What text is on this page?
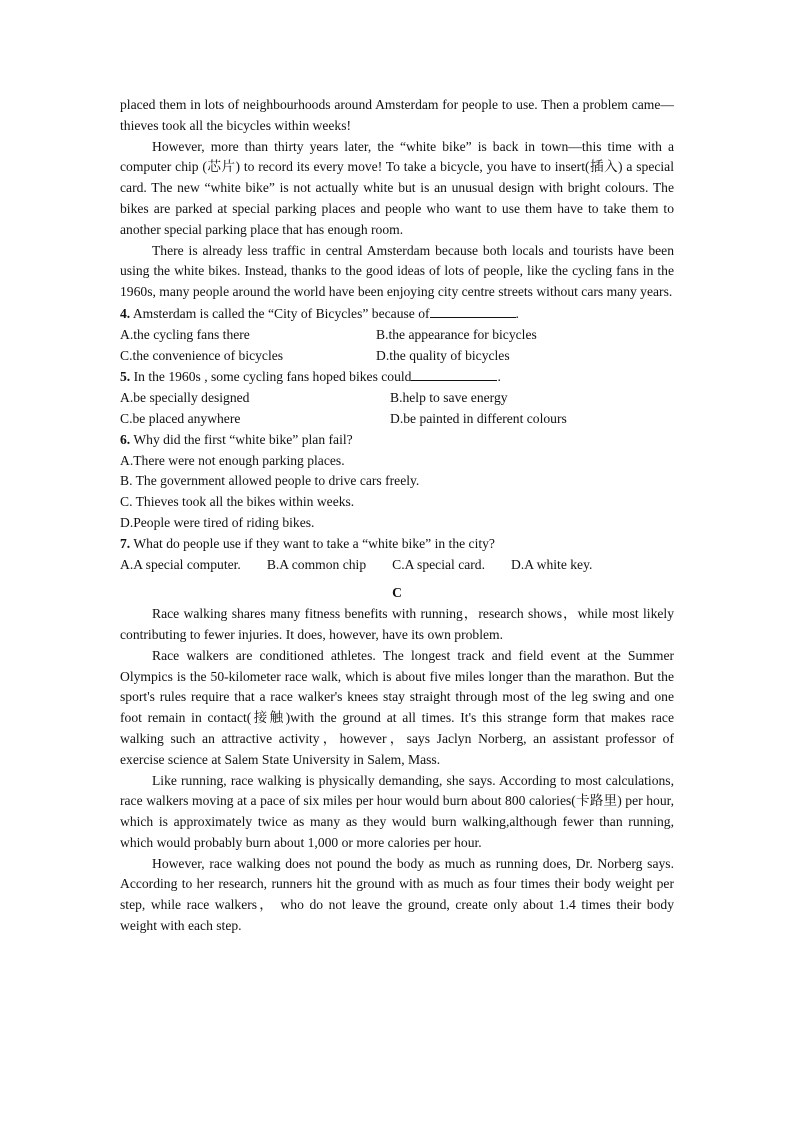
placed them in lots of neighbourhoods around Amsterdam for people to use. Then a problem came—thieves took all the bicycles within weeks!

However, more than thirty years later, the “white bike” is back in town—this time with a computer chip (芯片) to record its every move! To take a bicycle, you have to insert(插入) a special card. The new “white bike” is not actually white but is an unusual design with bright colours. The bikes are parked at special parking places and people who want to use them have to take them to another special parking place that has enough room.

There is already less traffic in central Amsterdam because both locals and tourists have been using the white bikes. Instead, thanks to the good ideas of lots of people, like the cycling fans in the 1960s, many people around the world have been enjoying city centre streets without cars many years.

4. Amsterdam is called the “City of Bicycles” because of	.
A.the cycling fans there	B.the appearance for bicycles
C.the convenience of bicycles	D.the quality of bicycles
5. In the 1960s , some cycling fans hoped bikes could	.
A.be specially designed	B.help to save energy
C.be placed anywhere	D.be painted in different colours
6. Why did the first “white bike” plan fail?
A.There were not enough parking places.
B. The government allowed people to drive cars freely.
C. Thieves took all the bikes within weeks.
D.People were tired of riding bikes.
7. What do people use if they want to take a “white bike” in the city?
A.A special computer. B.A common chip C.A special card. D.A white key.
C

Race walking shares many fitness benefits with running，research shows，while most likely contributing to fewer injuries. It does, however, have its own problem.

Race walkers are conditioned athletes. The longest track and field event at the Summer Olympics is the 50-kilometer race walk, which is about five miles longer than the marathon. But the sport's rules require that a race walker's knees stay straight through most of the leg swing and one foot remain in contact(接触)with the ground at all times. It's this strange form that makes race walking such an attractive activity，however，says Jaclyn Norberg, an assistant professor of exercise science at Salem State University in Salem, Mass.

Like running, race walking is physically demanding, she says. According to most calculations, race walkers moving at a pace of six miles per hour would burn about 800 calories(卡路里) per hour, which is approximately twice as many as they would burn walking,although fewer than running, which would probably burn about 1,000 or more calories per hour.

However, race walking does not pound the body as much as running does, Dr. Norberg says. According to her research, runners hit the ground with as much as four times their body weight per step, while race walkers， who do not leave the ground, create only about 1.4 times their body weight with each step.
